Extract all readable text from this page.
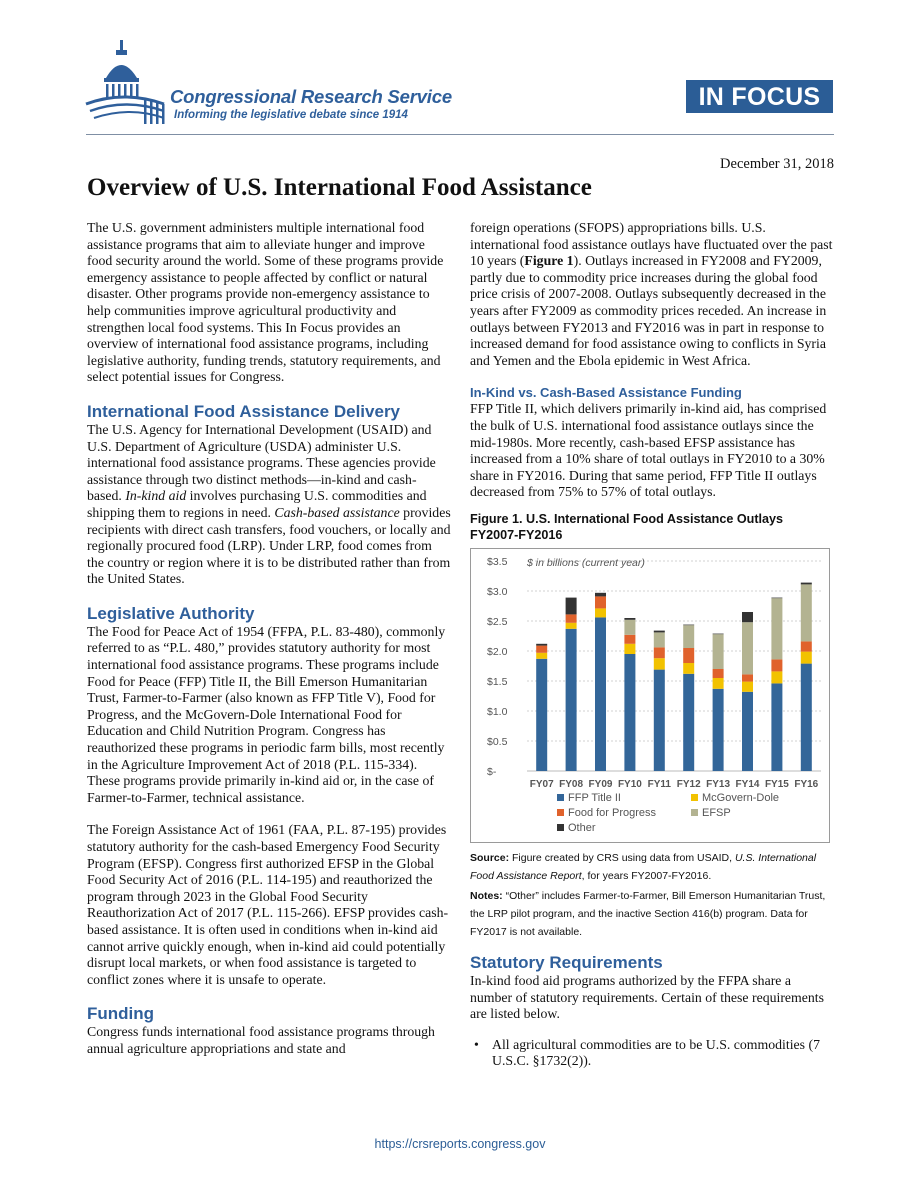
Congressional Research Service
Informing the legislative debate since 1914
IN FOCUS
December 31, 2018
Overview of U.S. International Food Assistance

The U.S. government administers multiple international food assistance programs that aim to alleviate hunger and improve food security around the world. Some of these programs provide emergency assistance to people affected by conflict or natural disaster. Other programs provide non-emergency assistance to help communities improve agricultural productivity and strengthen local food systems. This In Focus provides an overview of international food assistance programs, including legislative authority, funding trends, statutory requirements, and select potential issues for Congress.

International Food Assistance Delivery

The U.S. Agency for International Development (USAID) and U.S. Department of Agriculture (USDA) administer U.S. international food assistance programs. These agencies provide assistance through two distinct methods—in-kind and cash-based. In-kind aid involves purchasing U.S. commodities and shipping them to regions in need. Cash-based assistance provides recipients with direct cash transfers, food vouchers, or locally and regionally procured food (LRP). Under LRP, food comes from the country or region where it is to be distributed rather than from the United States.

Legislative Authority

The Food for Peace Act of 1954 (FFPA, P.L. 83-480), commonly referred to as “P.L. 480,” provides statutory authority for most international food assistance programs. These programs include Food for Peace (FFP) Title II, the Bill Emerson Humanitarian Trust, Farmer-to-Farmer (also known as FFP Title V), Food for Progress, and the McGovern-Dole International Food for Education and Child Nutrition Program. Congress has reauthorized these programs in periodic farm bills, most recently in the Agriculture Improvement Act of 2018 (P.L. 115-334). These programs provide primarily in-kind aid or, in the case of Farmer-to-Farmer, technical assistance.

The Foreign Assistance Act of 1961 (FAA, P.L. 87-195) provides statutory authority for the cash-based Emergency Food Security Program (EFSP). Congress first authorized EFSP in the Global Food Security Act of 2016 (P.L. 114-195) and reauthorized the program through 2023 in the Global Food Security Reauthorization Act of 2017 (P.L. 115-266). EFSP provides cash-based assistance. It is often used in conditions when in-kind aid cannot arrive quickly enough, when in-kind aid could potentially disrupt local markets, or when food assistance is targeted to conflict zones where it is unsafe to operate.

Funding

Congress funds international food assistance programs through annual agriculture appropriations and state and

foreign operations (SFOPS) appropriations bills. U.S. international food assistance outlays have fluctuated over the past 10 years (Figure 1). Outlays increased in FY2008 and FY2009, partly due to commodity price increases during the global food price crisis of 2007-2008. Outlays subsequently decreased in the years after FY2009 as commodity prices receded. An increase in outlays between FY2013 and FY2016 was in part in response to increased demand for food assistance owing to conflicts in Syria and Yemen and the Ebola epidemic in West Africa.

In-Kind vs. Cash-Based Assistance Funding

FFP Title II, which delivers primarily in-kind aid, has comprised the bulk of U.S. international food assistance outlays since the mid-1980s. More recently, cash-based EFSP assistance has increased from a 10% share of total outlays in FY2010 to a 30% share in FY2016. During that same period, FFP Title II outlays decreased from 75% to 57% of total outlays.

Figure 1. U.S. International Food Assistance Outlays
FY2007-FY2016
$-
$0.5
$1.0
$1.5
$2.0
$2.5
$3.0
$3.5
FY07 FY08 FY09 FY10 FY11 FY12 FY13 FY14 FY15 FY16
$ in billions (current year)
FFP Title II	McGovern-Dole
Food for Progress	EFSP
Other
Source: Figure created by CRS using data from USAID, U.S. International Food Assistance Report, for years FY2007-FY2016.
Notes: “Other” includes Farmer-to-Farmer, Bill Emerson Humanitarian Trust, the LRP pilot program, and the inactive Section 416(b) program. Data for FY2017 is not available.
Statutory Requirements

In-kind food aid programs authorized by the FFPA share a number of statutory requirements. Certain of these requirements are listed below.

• All agricultural commodities are to be U.S. commodities (7 U.S.C. §1732(2)).
https://crsreports.congress.gov
